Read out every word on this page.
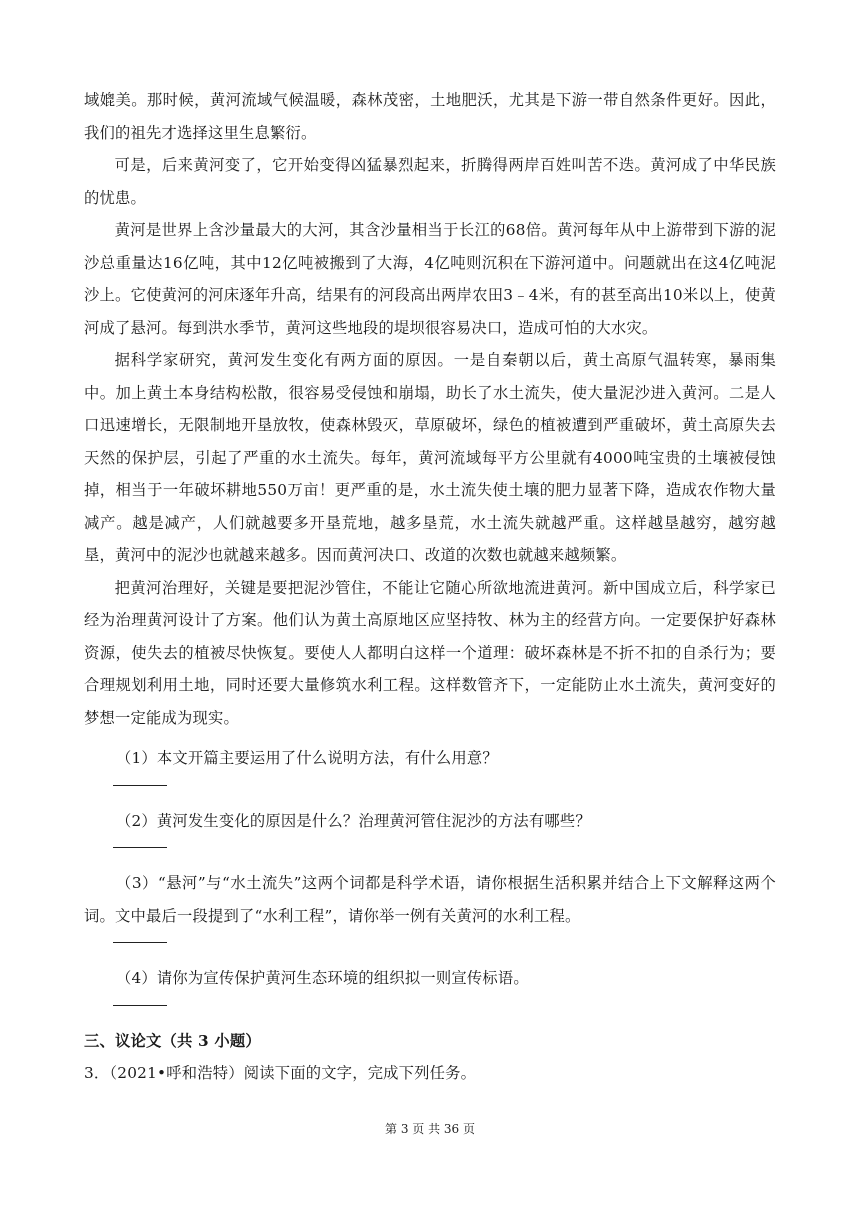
域媲美。那时候，黄河流域气候温暖，森林茂密，土地肥沃，尤其是下游一带自然条件更好。因此，我们的祖先才选择这里生息繁衍。

可是，后来黄河变了，它开始变得凶猛暴烈起来，折腾得两岸百姓叫苦不迭。黄河成了中华民族的忧患。

黄河是世界上含沙量最大的大河，其含沙量相当于长江的68倍。黄河每年从中上游带到下游的泥沙总重量达16亿吨，其中12亿吨被搬到了大海，4亿吨则沉积在下游河道中。问题就出在这4亿吨泥沙上。它使黄河的河床逐年升高，结果有的河段高出两岸农田3﹣4米，有的甚至高出10米以上，使黄河成了悬河。每到洪水季节，黄河这些地段的堤坝很容易决口，造成可怕的大水灾。

据科学家研究，黄河发生变化有两方面的原因。一是自秦朝以后，黄土高原气温转寒，暴雨集中。加上黄土本身结构松散，很容易受侵蚀和崩塌，助长了水土流失，使大量泥沙进入黄河。二是人口迅速增长，无限制地开垦放牧，使森林毁灭，草原破坏，绿色的植被遭到严重破坏，黄土高原失去天然的保护层，引起了严重的水土流失。每年，黄河流域每平方公里就有4000吨宝贵的土壤被侵蚀掉，相当于一年破坏耕地550万亩！更严重的是，水土流失使土壤的肥力显著下降，造成农作物大量减产。越是减产，人们就越要多开垦荒地，越多垦荒，水土流失就越严重。这样越垦越穷，越穷越垦，黄河中的泥沙也就越来越多。因而黄河决口、改道的次数也就越来越频繁。

把黄河治理好，关键是要把泥沙管住，不能让它随心所欲地流进黄河。新中国成立后，科学家已经为治理黄河设计了方案。他们认为黄土高原地区应坚持牧、林为主的经营方向。一定要保护好森林资源，使失去的植被尽快恢复。要使人人都明白这样一个道理：破坏森林是不折不扣的自杀行为；要合理规划利用土地，同时还要大量修筑水利工程。这样数管齐下，一定能防止水土流失，黄河变好的梦想一定能成为现实。

（1）本文开篇主要运用了什么说明方法，有什么用意？

（2）黄河发生变化的原因是什么？治理黄河管住泥沙的方法有哪些？

（3）“悬河”与“水土流失”这两个词都是科学术语，请你根据生活积累并结合上下文解释这两个词。文中最后一段提到了“水利工程”，请你举一例有关黄河的水利工程。

（4）请你为宣传保护黄河生态环境的组织拟一则宣传标语。

三、议论文（共 3 小题）

3．（2021•呼和浩特）阅读下面的文字，完成下列任务。

第 3 页 共 36 页
